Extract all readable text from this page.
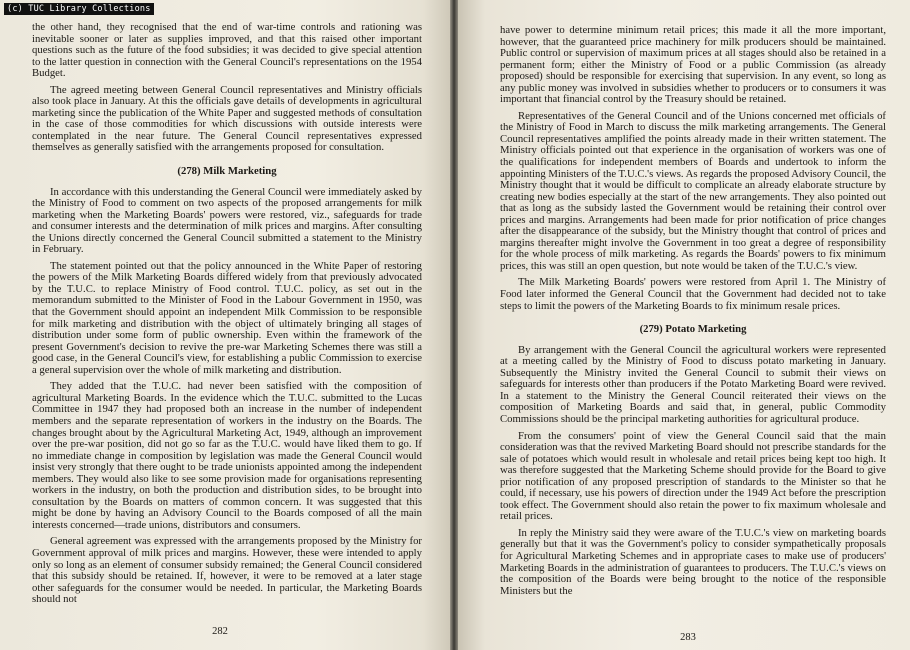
the other hand, they recognised that the end of war-time controls and rationing was inevitable sooner or later as supplies improved, and that this raised other important questions such as the future of the food subsidies; it was decided to give special attention to the latter question in connection with the General Council's representations on the 1954 Budget.

The agreed meeting between General Council representatives and Ministry officials also took place in January. At this the officials gave details of developments in agricultural marketing since the publication of the White Paper and suggested methods of consultation in the case of those commodities for which discussions with outside interests were contemplated in the near future. The General Council representatives expressed themselves as generally satisfied with the arrangements proposed for consultation.

(278) Milk Marketing

In accordance with this understanding the General Council were immediately asked by the Ministry of Food to comment on two aspects of the proposed arrangements for milk marketing when the Marketing Boards' powers were restored, viz., safeguards for trade and consumer interests and the determination of milk prices and margins. After consulting the Unions directly concerned the General Council submitted a statement to the Ministry in February.

The statement pointed out that the policy announced in the White Paper of restoring the powers of the Milk Marketing Boards differed widely from that previously advocated by the T.U.C. to replace Ministry of Food control. T.U.C. policy, as set out in the memorandum submitted to the Minister of Food in the Labour Government in 1950, was that the Government should appoint an independent Milk Commission to be responsible for milk marketing and distribution with the object of ultimately bringing all stages of distribution under some form of public ownership. Even within the framework of the present Government's decision to revive the pre-war Marketing Schemes there was still a good case, in the General Council's view, for establishing a public Commission to exercise a general supervision over the whole of milk marketing and distribution.

They added that the T.U.C. had never been satisfied with the composition of agricultural Marketing Boards. In the evidence which the T.U.C. submitted to the Lucas Committee in 1947 they had proposed both an increase in the number of independent members and the separate representation of workers in the industry on the Boards. The changes brought about by the Agricultural Marketing Act, 1949, although an improvement over the pre-war position, did not go so far as the T.U.C. would have liked them to go. If no immediate change in composition by legislation was made the General Council would insist very strongly that there ought to be trade unionists appointed among the independent members. They would also like to see some provision made for organisations representing workers in the industry, on both the production and distribution sides, to be brought into consultation by the Boards on matters of common concern. It was suggested that this might be done by having an Advisory Council to the Boards composed of all the main interests concerned—trade unions, distributors and consumers.

General agreement was expressed with the arrangements proposed by the Ministry for Government approval of milk prices and margins. However, these were intended to apply only so long as an element of consumer subsidy remained; the General Council considered that this subsidy should be retained. If, however, it were to be removed at a later stage other safeguards for the consumer would be needed. In particular, the Marketing Boards should not

282

have power to determine minimum retail prices; this made it all the more important, however, that the guaranteed price machinery for milk producers should be maintained. Public control or supervision of maximum prices at all stages should also be retained in a permanent form; either the Ministry of Food or a public Commission (as already proposed) should be responsible for exercising that supervision. In any event, so long as any public money was involved in subsidies whether to producers or to consumers it was important that financial control by the Treasury should be retained.

Representatives of the General Council and of the Unions concerned met officials of the Ministry of Food in March to discuss the milk marketing arrangements. The General Council representatives amplified the points already made in their written statement. The Ministry officials pointed out that experience in the organisation of workers was one of the qualifications for independent members of Boards and undertook to inform the appointing Ministers of the T.U.C.'s views. As regards the proposed Advisory Council, the Ministry thought that it would be difficult to complicate an already elaborate structure by creating new bodies especially at the start of the new arrangements. They also pointed out that as long as the subsidy lasted the Government would be retaining their control over prices and margins. Arrangements had been made for prior notification of price changes after the disappearance of the subsidy, but the Ministry thought that control of prices and margins thereafter might involve the Government in too great a degree of responsibility for the whole process of milk marketing. As regards the Boards' powers to fix minimum prices, this was still an open question, but note would be taken of the T.U.C.'s view.

The Milk Marketing Boards' powers were restored from April 1. The Ministry of Food later informed the General Council that the Government had decided not to take steps to limit the powers of the Marketing Boards to fix minimum resale prices.

(279) Potato Marketing

By arrangement with the General Council the agricultural workers were represented at a meeting called by the Ministry of Food to discuss potato marketing in January. Subsequently the Ministry invited the General Council to submit their views on safeguards for interests other than producers if the Potato Marketing Board were revived. In a statement to the Ministry the General Council reiterated their views on the composition of Marketing Boards and said that, in general, public Commodity Commissions should be the principal marketing authorities for agricultural produce.

From the consumers' point of view the General Council said that the main consideration was that the revived Marketing Board should not prescribe standards for the sale of potatoes which would result in wholesale and retail prices being kept too high. It was therefore suggested that the Marketing Scheme should provide for the Board to give prior notification of any proposed prescription of standards to the Minister so that he could, if necessary, use his powers of direction under the 1949 Act before the prescription took effect. The Government should also retain the power to fix maximum wholesale and retail prices.

In reply the Ministry said they were aware of the T.U.C.'s view on marketing boards generally but that it was the Government's policy to consider sympathetically proposals for Agricultural Marketing Schemes and in appropriate cases to make use of producers' Marketing Boards in the administration of guarantees to producers. The T.U.C.'s views on the composition of the Boards were being brought to the notice of the responsible Ministers but the

283
(c) TUC Library Collections
